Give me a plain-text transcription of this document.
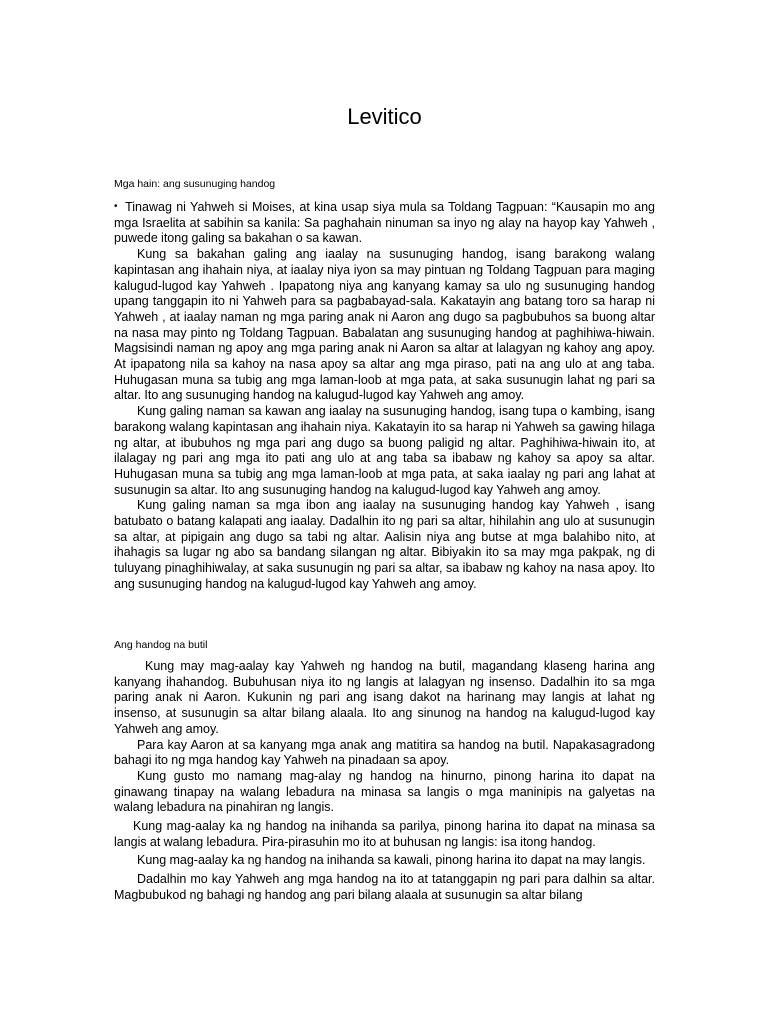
Levitico

Mga hain: ang susunuging handog

• Tinawag ni Yahweh si Moises, at kina usap siya mula sa Toldang Tagpuan: “Kausapin mo ang mga Israelita at sabihin sa kanila: Sa paghahain ninuman sa inyo ng alay na hayop kay Yahweh , puwede itong galing sa bakahan o sa kawan.

Kung sa bakahan galing ang iaalay na susunuging handog, isang barakong walang kapintasan ang ihahain niya, at iaalay niya iyon sa may pintuan ng Toldang Tagpuan para maging kalugud-lugod kay Yahweh . Ipapatong niya ang kanyang kamay sa ulo ng susunuging handog upang tanggapin ito ni Yahweh para sa pagbabayad-sala. Kakatayin ang batang toro sa harap ni Yahweh , at iaalay naman ng mga paring anak ni Aaron ang dugo sa pagbubuhos sa buong altar na nasa may pinto ng Toldang Tagpuan. Babalatan ang susunuging handog at paghihiwa-hiwain. Magsisindi naman ng apoy ang mga paring anak ni Aaron sa altar at lalagyan ng kahoy ang apoy. At ipapatong nila sa kahoy na nasa apoy sa altar ang mga piraso, pati na ang ulo at ang taba. Huhugasan muna sa tubig ang mga laman-loob at mga pata, at saka susunugin lahat ng pari sa altar. Ito ang susunuging handog na kalugud-lugod kay Yahweh ang amoy.

Kung galing naman sa kawan ang iaalay na susunuging handog, isang tupa o kambing, isang barakong walang kapintasan ang ihahain niya. Kakatayin ito sa harap ni Yahweh sa gawing hilaga ng altar, at ibubuhos ng mga pari ang dugo sa buong paligid ng altar. Paghihiwa-hiwain ito, at ilalagay ng pari ang mga ito pati ang ulo at ang taba sa ibabaw ng kahoy sa apoy sa altar. Huhugasan muna sa tubig ang mga laman-loob at mga pata, at saka iaalay ng pari ang lahat at susunugin sa altar. Ito ang susunuging handog na kalugud-lugod kay Yahweh ang amoy.

Kung galing naman sa mga ibon ang iaalay na susunuging handog kay Yahweh , isang batubato o batang kalapati ang iaalay. Dadalhin ito ng pari sa altar, hihilahin ang ulo at susunugin sa altar, at pipigain ang dugo sa tabi ng altar. Aalisin niya ang butse at mga balahibo nito, at ihahagis sa lugar ng abo sa bandang silangan ng altar. Bibiyakin ito sa may mga pakpak, ng di tuluyang pinaghihiwalay, at saka susunugin ng pari sa altar, sa ibabaw ng kahoy na nasa apoy. Ito ang susunuging handog na kalugud-lugod kay Yahweh ang amoy.

Ang handog na butil

Kung may mag-aalay kay Yahweh ng handog na butil, magandang klaseng harina ang kanyang ihahandog. Bubuhusan niya ito ng langis at lalagyan ng insenso. Dadalhin ito sa mga paring anak ni Aaron. Kukunin ng pari ang isang dakot na harinang may langis at lahat ng insenso, at susunugin sa altar bilang alaala. Ito ang sinunog na handog na kalugud-lugod kay Yahweh ang amoy.

Para kay Aaron at sa kanyang mga anak ang matitira sa handog na butil. Napakasagradong bahagi ito ng mga handog kay Yahweh na pinadaan sa apoy.

Kung gusto mo namang mag-alay ng handog na hinurno, pinong harina ito dapat na ginawang tinapay na walang lebadura na minasa sa langis o mga maninipis na galyetas na walang lebadura na pinahiran ng langis.

Kung mag-aalay ka ng handog na inihanda sa parilya, pinong harina ito dapat na minasa sa langis at walang lebadura. Pira-pirasuhin mo ito at buhusan ng langis: isa itong handog.

Kung mag-aalay ka ng handog na inihanda sa kawali, pinong harina ito dapat na may langis.

Dadalhin mo kay Yahweh ang mga handog na ito at tatanggapin ng pari para dalhin sa altar. Magbubukod ng bahagi ng handog ang pari bilang alaala at susunugin sa altar bilang
